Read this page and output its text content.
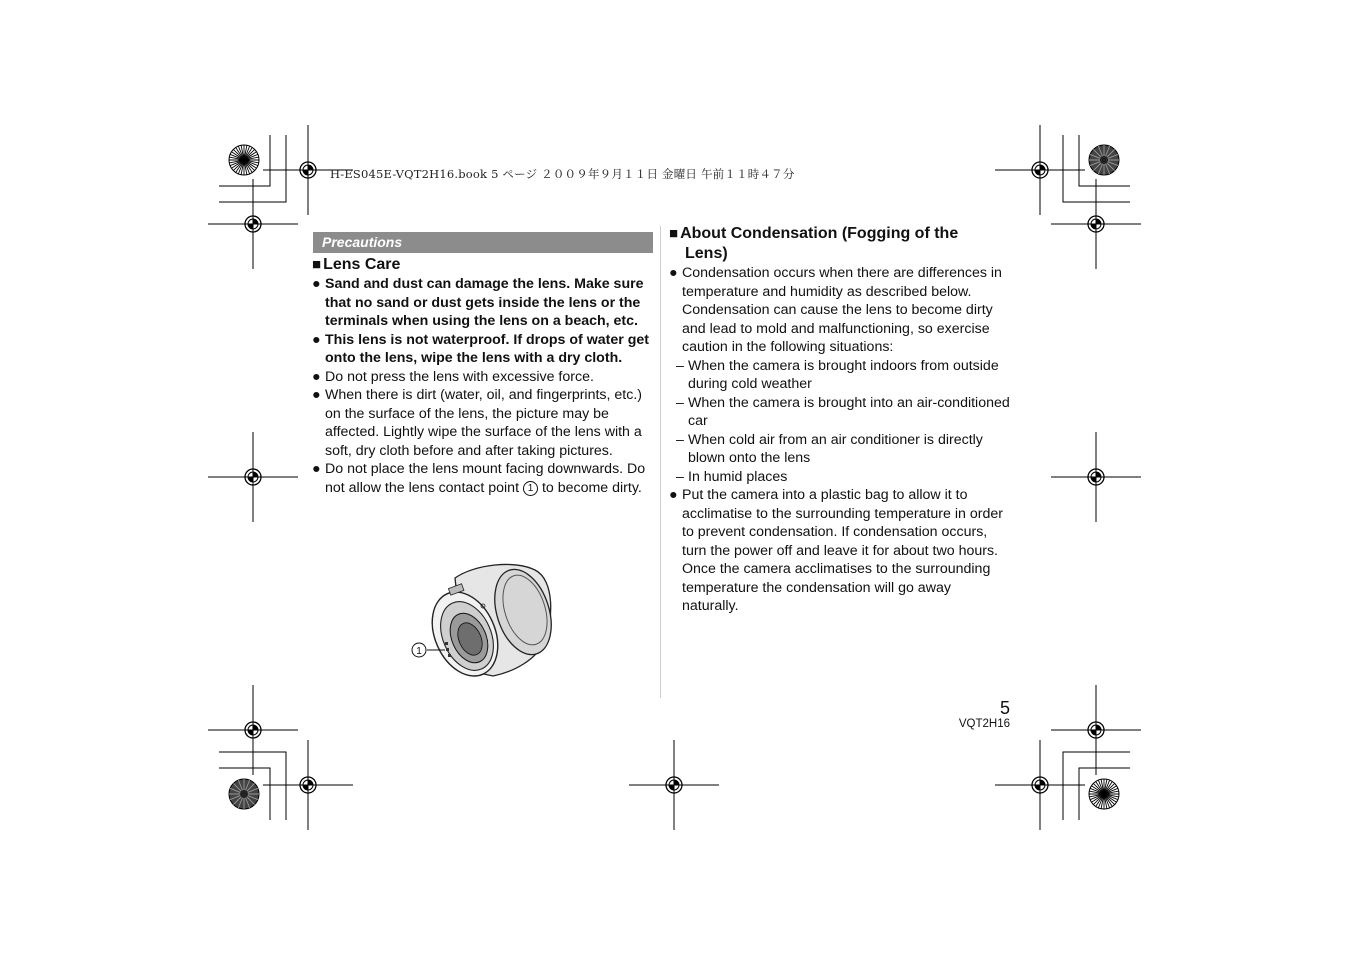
H-ES045E-VQT2H16.book 5 ページ ２００９年９月１１日 金曜日 午前１１時４７分
Precautions
■ Lens Care
● Sand and dust can damage the lens. Make sure that no sand or dust gets inside the lens or the terminals when using the lens on a beach, etc.
● This lens is not waterproof. If drops of water get onto the lens, wipe the lens with a dry cloth.
● Do not press the lens with excessive force.
● When there is dirt (water, oil, and fingerprints, etc.) on the surface of the lens, the picture may be affected. Lightly wipe the surface of the lens with a soft, dry cloth before and after taking pictures.
● Do not place the lens mount facing downwards. Do not allow the lens contact point 1 to become dirty.
1
■ About Condensation (Fogging of the
Lens)
● Condensation occurs when there are differences in temperature and humidity as described below. Condensation can cause the lens to become dirty and lead to mold and malfunctioning, so exercise caution in the following situations:
– When the camera is brought indoors from outside during cold weather
– When the camera is brought into an air-conditioned car
– When cold air from an air conditioner is directly blown onto the lens
– In humid places
● Put the camera into a plastic bag to allow it to acclimatise to the surrounding temperature in order to prevent condensation. If condensation occurs, turn the power off and leave it for about two hours. Once the camera acclimatises to the surrounding temperature the condensation will go away naturally.
5
VQT2H16
